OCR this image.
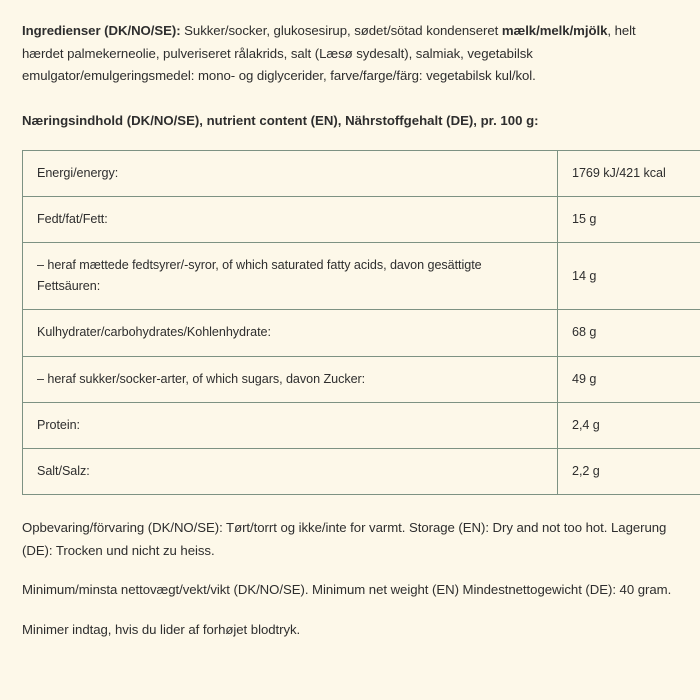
Ingredienser (DK/NO/SE): Sukker/socker, glukosesirup, sødet/sötad kondenseret mælk/melk/mjölk, helt hærdet palmekerneolie, pulveriseret rålakrids, salt (Læsø sydesalt), salmiak, vegetabilsk emulgator/emulgeringsmedel: mono- og diglycerider, farve/farge/färg: vegetabilsk kul/kol.

Næringsindhold (DK/NO/SE), nutrient content (EN), Nährstoffgehalt (DE), pr. 100 g:

Energi/energy:	1769 kJ/421 kcal
Fedt/fat/Fett:	15 g
– heraf mættede fedtsyrer/-syror, of which saturated fatty acids, davon gesättigte Fettsäuren:	14 g
Kulhydrater/carbohydrates/Kohlenhydrate:	68 g
– heraf sukker/socker-arter, of which sugars, davon Zucker:	49 g
Protein:	2,4 g
Salt/Salz:	2,2 g

Opbevaring/förvaring (DK/NO/SE): Tørt/torrt og ikke/inte for varmt. Storage (EN): Dry and not too hot. Lagerung (DE): Trocken und nicht zu heiss.

Minimum/minsta nettovægt/vekt/vikt (DK/NO/SE). Minimum net weight (EN) Mindestnettogewicht (DE): 40 gram.

Minimer indtag, hvis du lider af forhøjet blodtryk.
